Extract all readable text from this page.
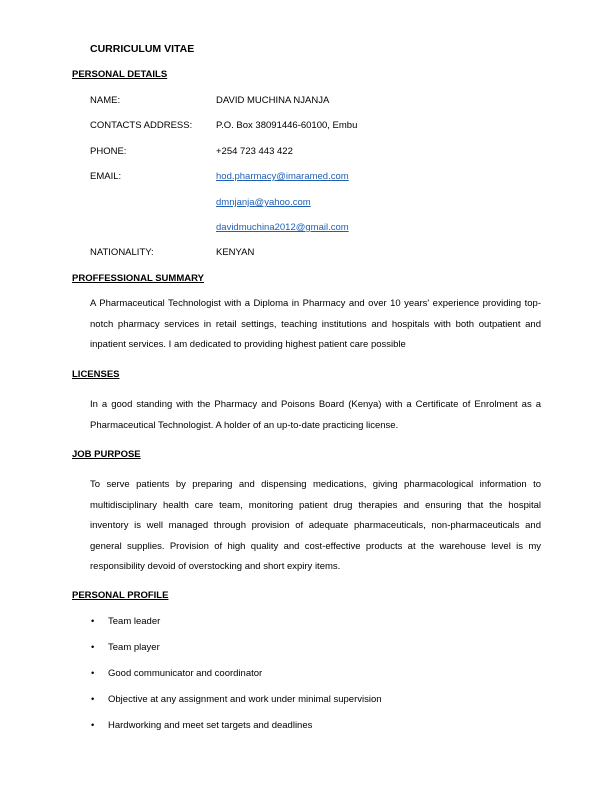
CURRICULUM VITAE
PERSONAL DETAILS
NAME:	DAVID MUCHINA NJANJA
CONTACTS ADDRESS:	P.O. Box 38091446-60100, Embu
PHONE:	+254 723 443 422
EMAIL:	hod.pharmacy@imaramed.com
dmnjanja@yahoo.com
davidmuchina2012@gmail.com
NATIONALITY:	KENYAN
PROFFESSIONAL SUMMARY
A Pharmaceutical Technologist with a Diploma in Pharmacy and over 10 years' experience providing top-notch pharmacy services in retail settings, teaching institutions and hospitals with both outpatient and inpatient services. I am dedicated to providing highest patient care possible
LICENSES
In a good standing with the Pharmacy and Poisons Board (Kenya) with a Certificate of Enrolment as a Pharmaceutical Technologist. A holder of an up-to-date practicing license.
JOB PURPOSE
To serve patients by preparing and dispensing medications, giving pharmacological information to multidisciplinary health care team, monitoring patient drug therapies and ensuring that the hospital inventory is well managed through provision of adequate pharmaceuticals, non-pharmaceuticals and general supplies. Provision of high quality and cost-effective products at the warehouse level is my responsibility devoid of overstocking and short expiry items.
PERSONAL PROFILE
• Team leader
• Team player
• Good communicator and coordinator
• Objective at any assignment and work under minimal supervision
• Hardworking and meet set targets and deadlines
